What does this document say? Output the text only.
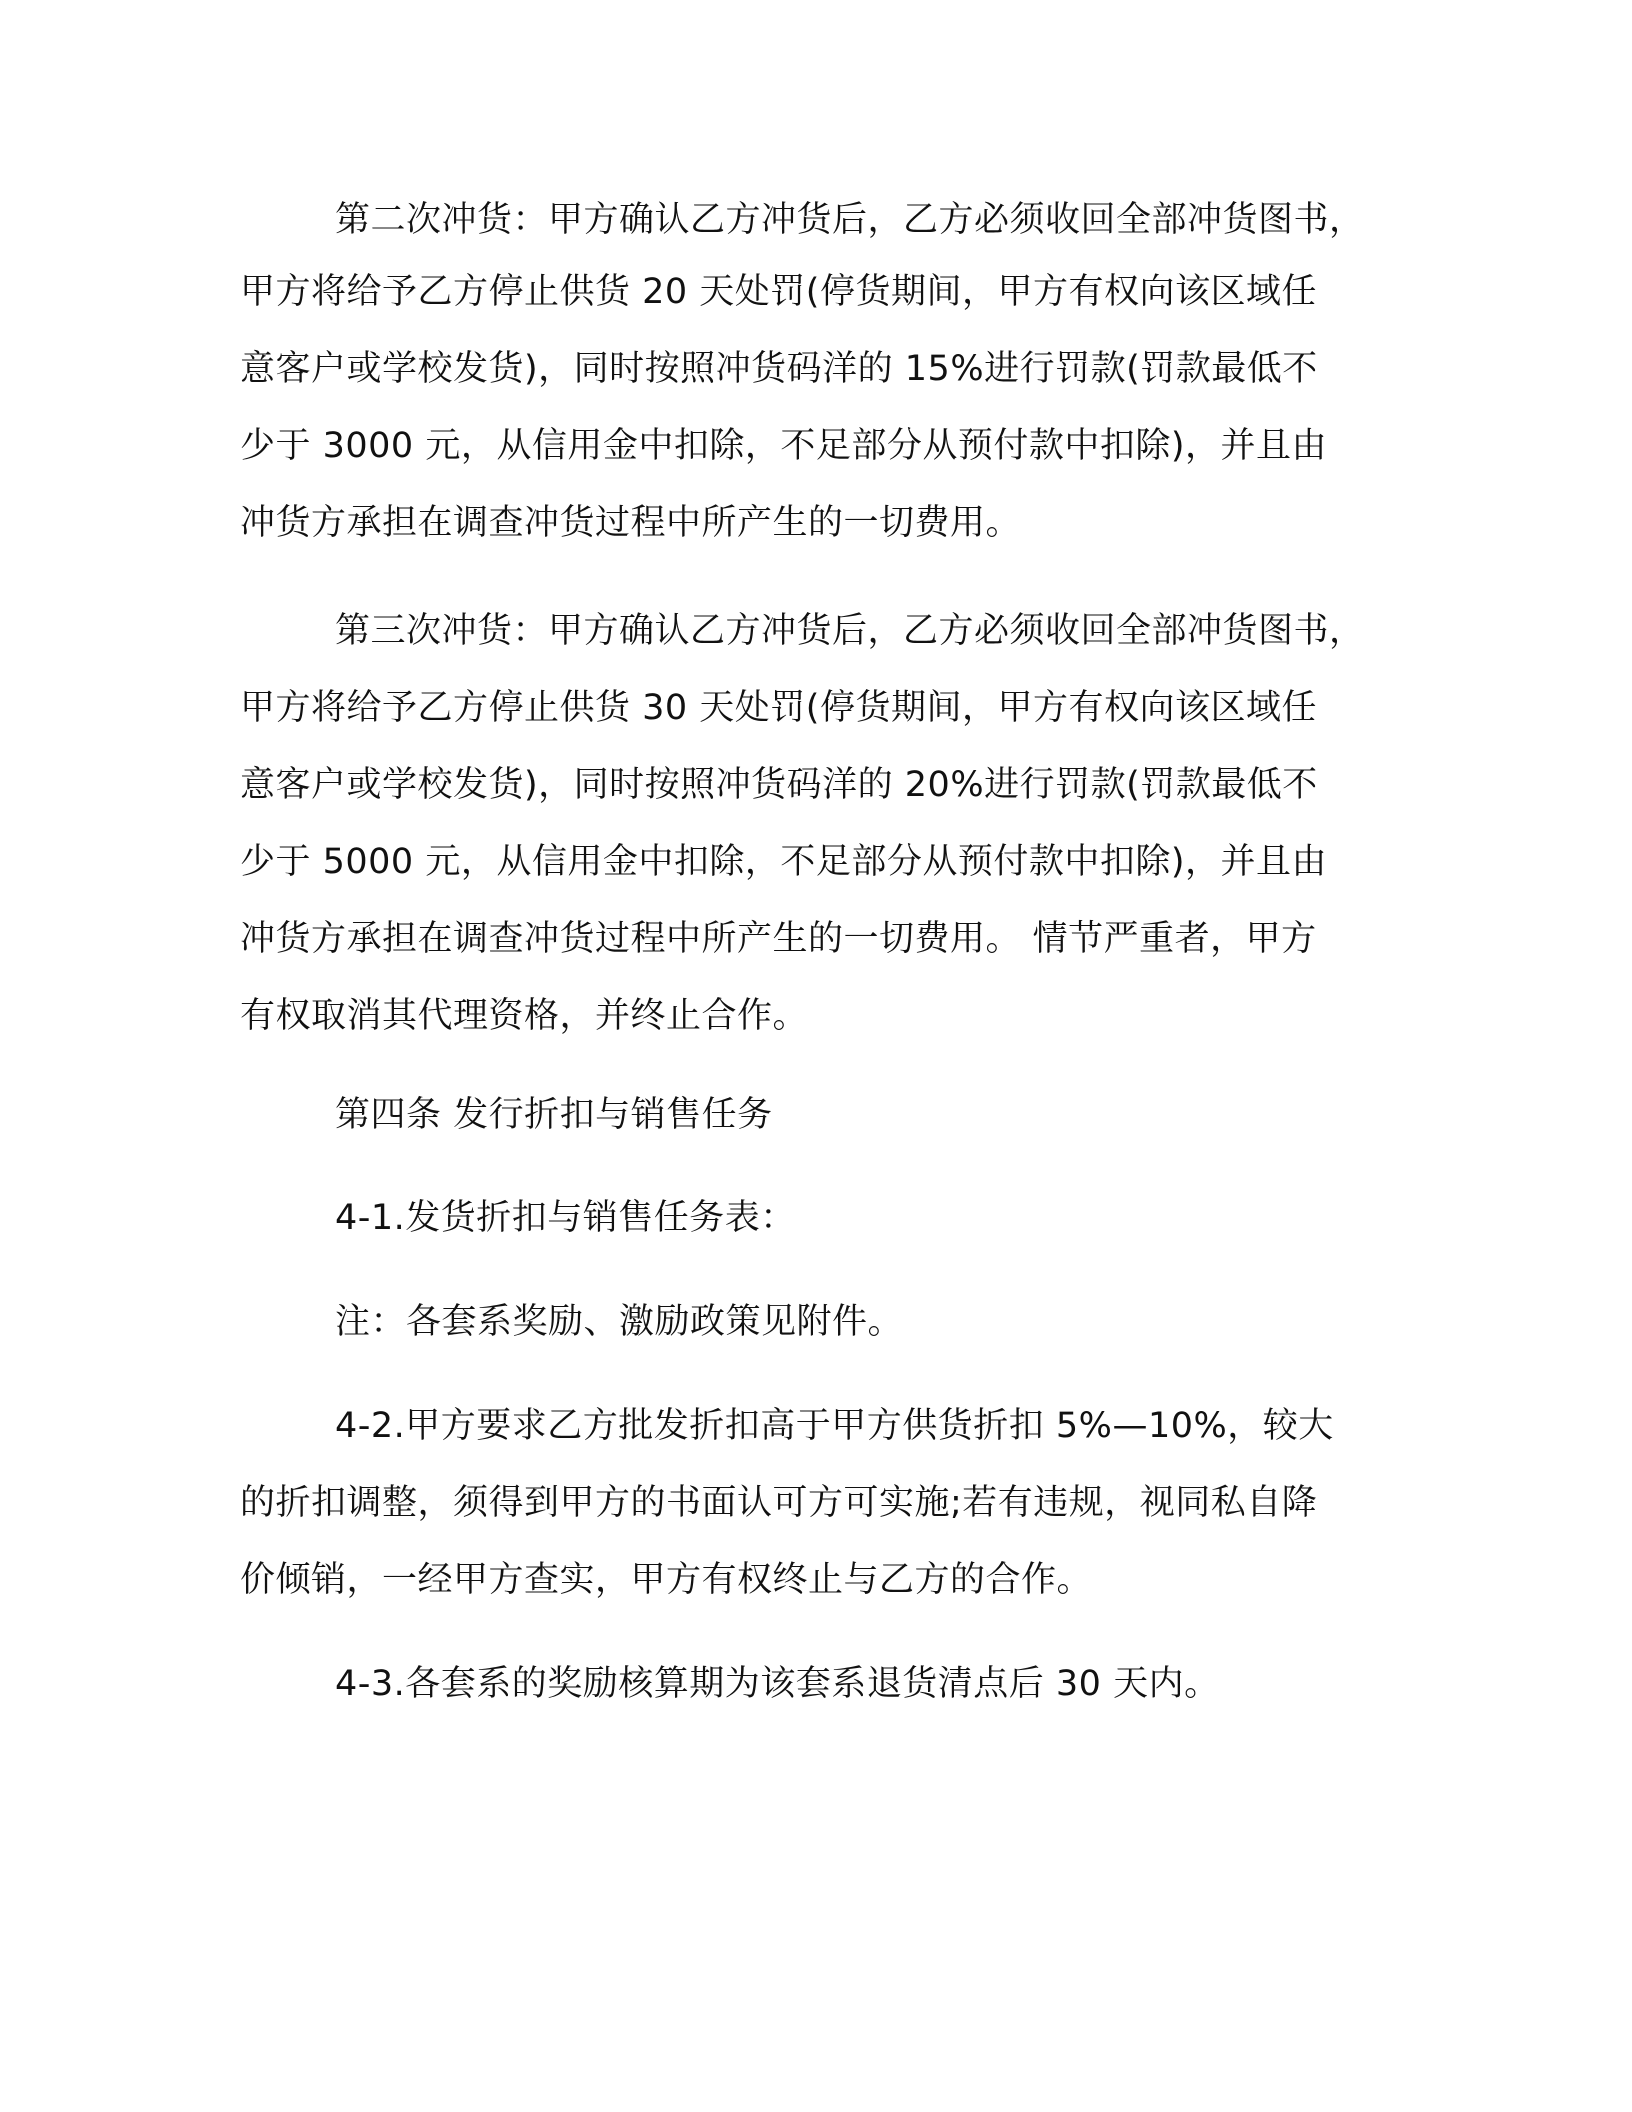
第二次冲货：甲方确认乙方冲货后，乙方必须收回全部冲货图书，
甲方将给予乙方停止供货 20 天处罚(停货期间，甲方有权向该区域任
意客户或学校发货)，同时按照冲货码洋的 15%进行罚款(罚款最低不
少于 3000 元，从信用金中扣除，不足部分从预付款中扣除)，并且由
冲货方承担在调查冲货过程中所产生的一切费用。
第三次冲货：甲方确认乙方冲货后，乙方必须收回全部冲货图书，
甲方将给予乙方停止供货 30 天处罚(停货期间，甲方有权向该区域任
意客户或学校发货)，同时按照冲货码洋的 20%进行罚款(罚款最低不
少于 5000 元，从信用金中扣除，不足部分从预付款中扣除)，并且由
冲货方承担在调查冲货过程中所产生的一切费用。 情节严重者，甲方
有权取消其代理资格，并终止合作。
第四条 发行折扣与销售任务
4-1.发货折扣与销售任务表：
注：各套系奖励、激励政策见附件。
4-2.甲方要求乙方批发折扣高于甲方供货折扣 5%—10%，较大
的折扣调整，须得到甲方的书面认可方可实施;若有违规，视同私自降
价倾销，一经甲方查实，甲方有权终止与乙方的合作。
4-3.各套系的奖励核算期为该套系退货清点后 30 天内。
